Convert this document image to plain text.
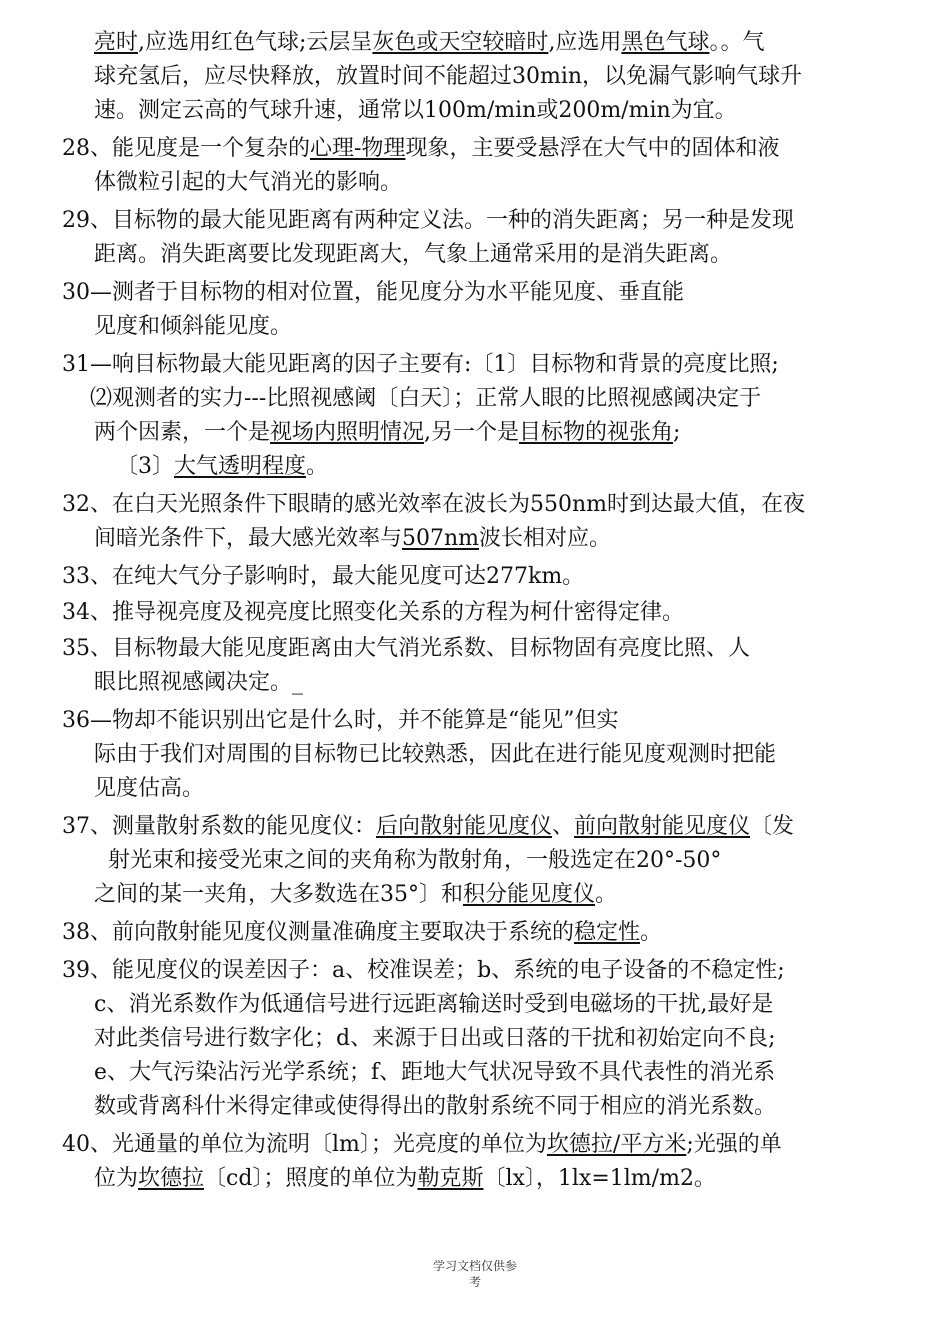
亮时,应选用红色气球;云层呈灰色或天空较暗时,应选用黑色气球。。气
球充氢后，应尽快释放，放置时间不能超过30min，以免漏气影响气球升
速。测定云高的气球升速，通常以100m/min或200m/min为宜。
28、能见度是一个复杂的心理-物理现象，主要受悬浮在大气中的固体和液
体微粒引起的大气消光的影响。
29、目标物的最大能见距离有两种定义法。一种的消失距离；另一种是发现
距离。消失距离要比发现距离大，气象上通常采用的是消失距离。
30—测者于目标物的相对位置，能见度分为水平能见度、垂直能
见度和倾斜能见度。
31—响目标物最大能见距离的因子主要有:〔1〕目标物和背景的亮度比照;
⑵观测者的实力---比照视感阈〔白天〕；正常人眼的比照视感阈决定于
两个因素，一个是视场内照明情况,另一个是目标物的视张角;
〔3〕大气透明程度。
32、在白天光照条件下眼睛的感光效率在波长为550nm时到达最大值，在夜
间暗光条件下，最大感光效率与507nm波长相对应。
33、在纯大气分子影响时，最大能见度可达277km。
34、推导视亮度及视亮度比照变化关系的方程为柯什密得定律。
35、目标物最大能见度距离由大气消光系数、目标物固有亮度比照、人
眼比照视感阈决定。_
36—物却不能识别出它是什么时，并不能算是“能见”但实
际由于我们对周围的目标物已比较熟悉，因此在进行能见度观测时把能
见度估高。
37、测量散射系数的能见度仪：后向散射能见度仪、前向散射能见度仪〔发
射光束和接受光束之间的夹角称为散射角，一般选定在20°-50°
之间的某一夹角，大多数选在35°〕和积分能见度仪。
38、前向散射能见度仪测量准确度主要取决于系统的稳定性。
39、能见度仪的误差因子：a、校准误差；b、系统的电子设备的不稳定性;
c、消光系数作为低通信号进行远距离输送时受到电磁场的干扰,最好是
对此类信号进行数字化；d、来源于日出或日落的干扰和初始定向不良;
e、大气污染沾污光学系统；f、距地大气状况导致不具代表性的消光系
数或背离科什米得定律或使得得出的散射系统不同于相应的消光系数。
40、光通量的单位为流明〔lm〕；光亮度的单位为坎德拉/平方米;光强的单
位为坎德拉〔cd〕；照度的单位为勒克斯〔lx〕，1lx=1lm/m2。
学习文档仅供参
考
